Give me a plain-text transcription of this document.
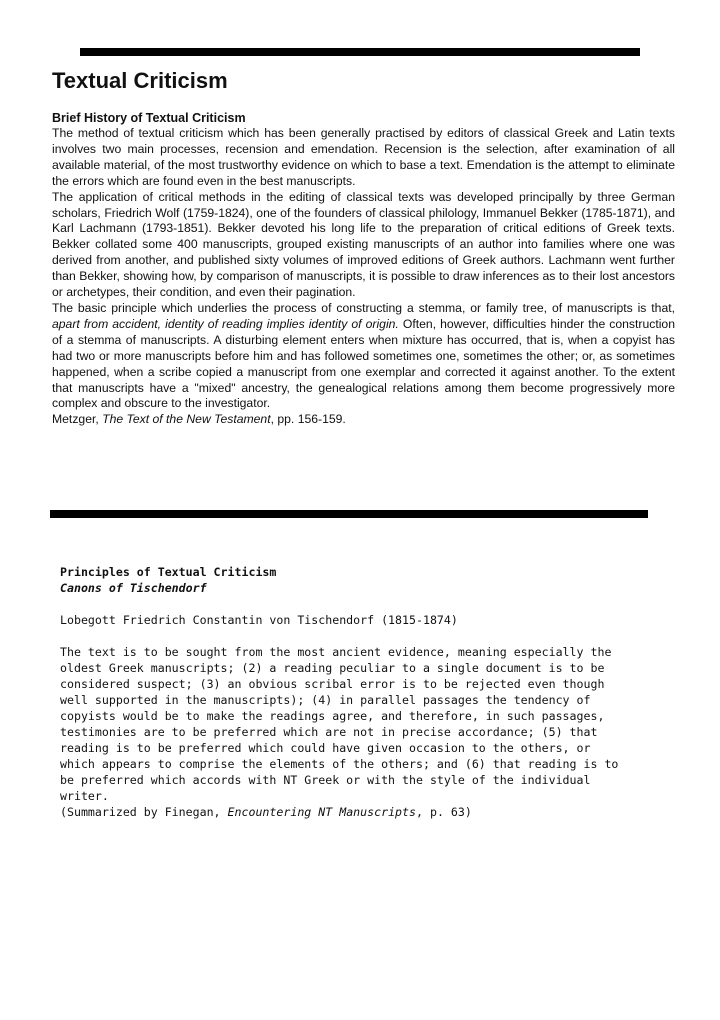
Textual Criticism
Brief History of Textual Criticism

The method of textual criticism which has been generally practised by editors of classical Greek and Latin texts involves two main processes, recension and emendation. Recension is the selection, after examination of all available material, of the most trustworthy evidence on which to base a text. Emendation is the attempt to eliminate the errors which are found even in the best manuscripts.

The application of critical methods in the editing of classical texts was developed principally by three German scholars, Friedrich Wolf (1759-1824), one of the founders of classical philology, Immanuel Bekker (1785-1871), and Karl Lachmann (1793-1851). Bekker devoted his long life to the preparation of critical editions of Greek texts. Bekker collated some 400 manuscripts, grouped existing manuscripts of an author into families where one was derived from another, and published sixty volumes of improved editions of Greek authors. Lachmann went further than Bekker, showing how, by comparison of manuscripts, it is possible to draw inferences as to their lost ancestors or archetypes, their condition, and even their pagination.

The basic principle which underlies the process of constructing a stemma, or family tree, of manuscripts is that, apart from accident, identity of reading implies identity of origin. Often, however, difficulties hinder the construction of a stemma of manuscripts. A disturbing element enters when mixture has occurred, that is, when a copyist has had two or more manuscripts before him and has followed sometimes one, sometimes the other; or, as sometimes happened, when a scribe copied a manuscript from one exemplar and corrected it against another. To the extent that manuscripts have a "mixed" ancestry, the genealogical relations among them become progressively more complex and obscure to the investigator.

Metzger, The Text of the New Testament, pp. 156-159.

Principles of Textual Criticism

Canons of Tischendorf

Lobegott Friedrich Constantin von Tischendorf (1815-1874)

The text is to be sought from the most ancient evidence, meaning especially the oldest Greek manuscripts; (2) a reading peculiar to a single document is to be considered suspect; (3) an obvious scribal error is to be rejected even though well supported in the manuscripts); (4) in parallel passages the tendency of copyists would be to make the readings agree, and therefore, in such passages, testimonies are to be preferred which are not in precise accordance; (5) that reading is to be preferred which could have given occasion to the others, or which appears to comprise the elements of the others; and (6) that reading is to be preferred which accords with NT Greek or with the style of the individual writer.
(Summarized by Finegan, Encountering NT Manuscripts, p. 63)
